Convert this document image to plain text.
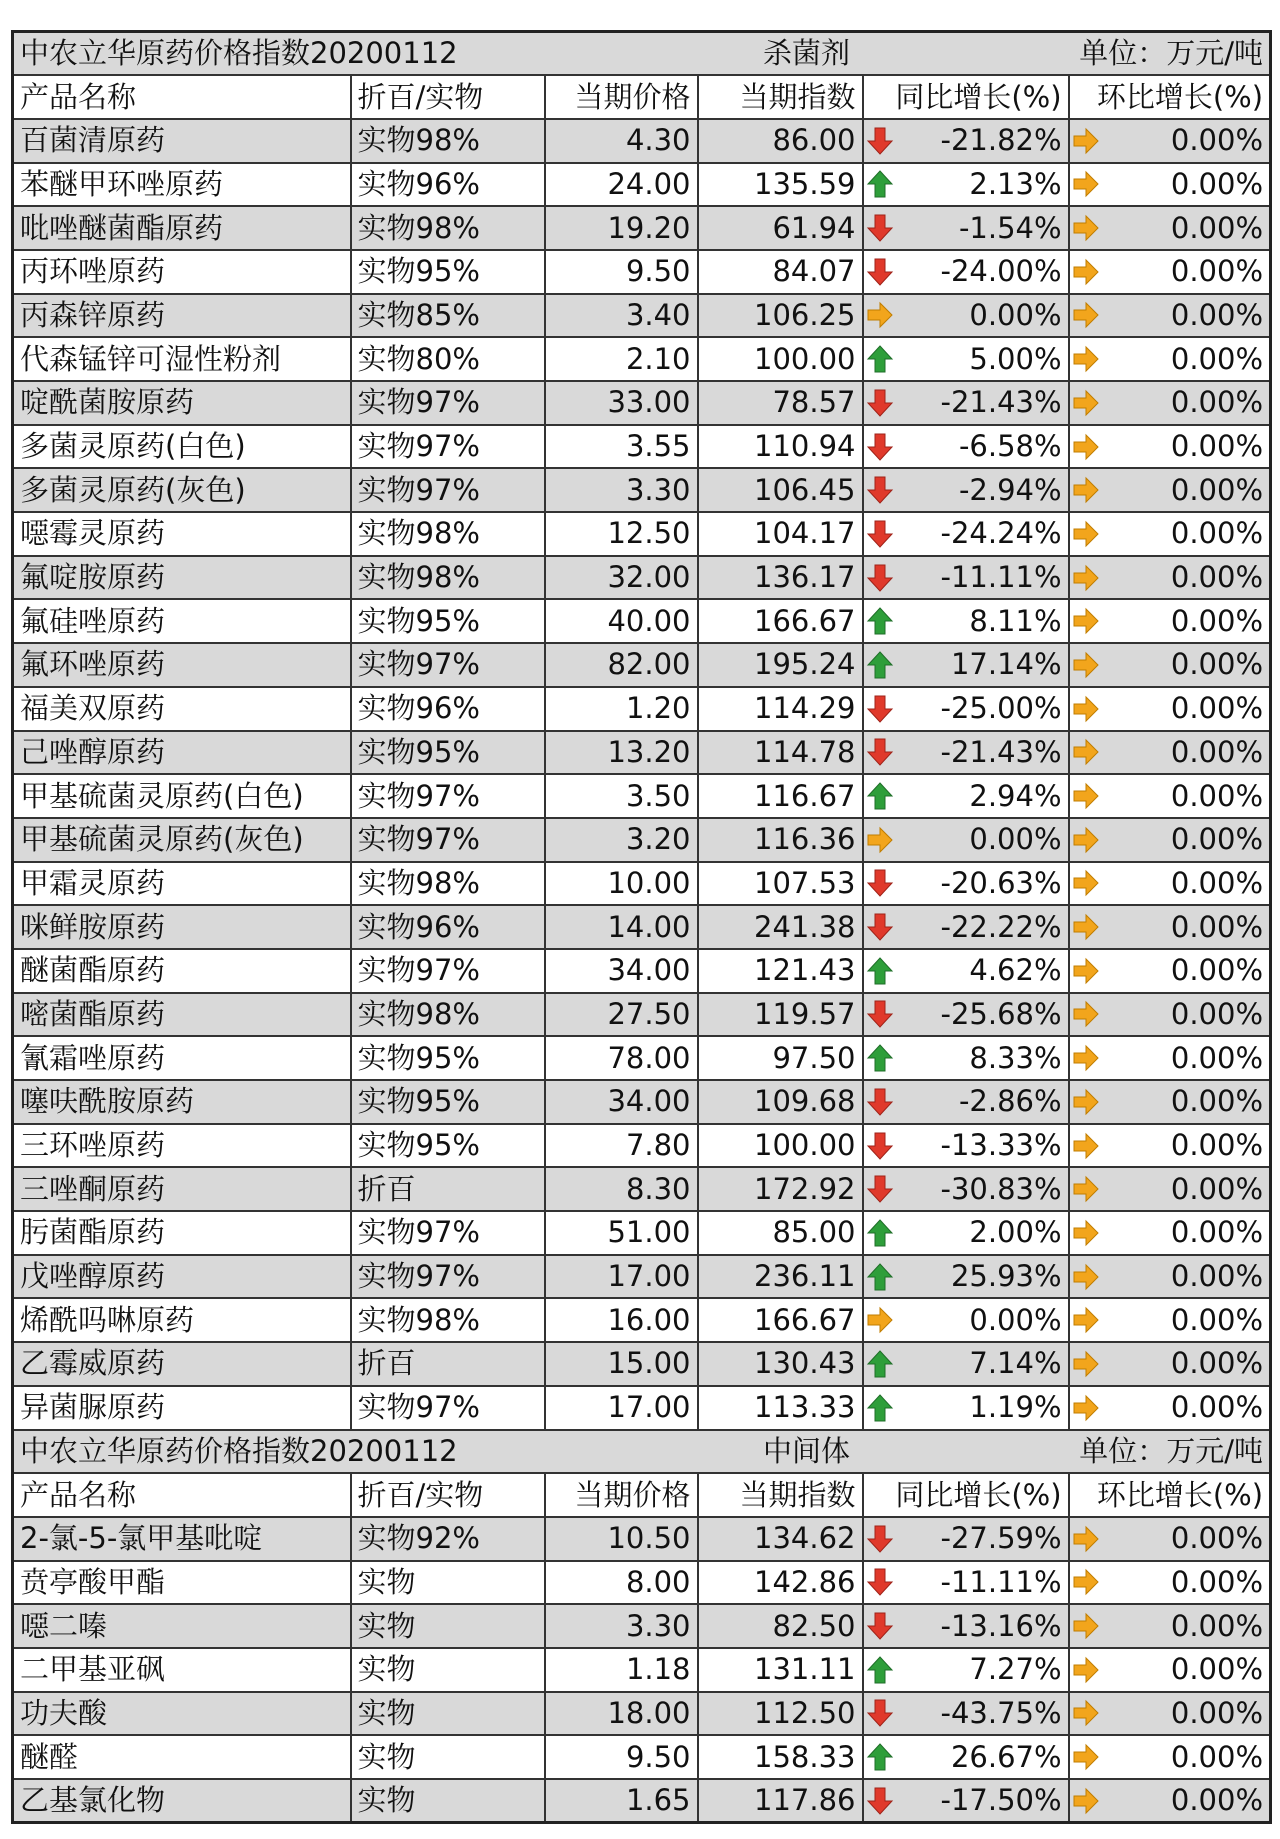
中农立华原药价格指数20200112		杀菌剂			单位：万元/吨
产品名称	折百/实物	当期价格	当期指数	同比增长(%)	环比增长(%)
百菌清原药	实物98%	4.30	86.00	-21.82%	0.00%

苯醚甲环唑原药	实物96%	24.00	135.59	2.13%	0.00%

吡唑醚菌酯原药	实物98%	19.20	61.94	-1.54%	0.00%

丙环唑原药	实物95%	9.50	84.07	-24.00%	0.00%

丙森锌原药	实物85%	3.40	106.25	0.00%	0.00%

代森锰锌可湿性粉剂	实物80%	2.10	100.00	5.00%	0.00%

啶酰菌胺原药	实物97%	33.00	78.57	-21.43%	0.00%

多菌灵原药(白色)	实物97%	3.55	110.94	-6.58%	0.00%

多菌灵原药(灰色)	实物97%	3.30	106.45	-2.94%	0.00%

噁霉灵原药	实物98%	12.50	104.17	-24.24%	0.00%

氟啶胺原药	实物98%	32.00	136.17	-11.11%	0.00%

氟硅唑原药	实物95%	40.00	166.67	8.11%	0.00%

氟环唑原药	实物97%	82.00	195.24	17.14%	0.00%

福美双原药	实物96%	1.20	114.29	-25.00%	0.00%

己唑醇原药	实物95%	13.20	114.78	-21.43%	0.00%

甲基硫菌灵原药(白色)	实物97%	3.50	116.67	2.94%	0.00%

甲基硫菌灵原药(灰色)	实物97%	3.20	116.36	0.00%	0.00%

甲霜灵原药	实物98%	10.00	107.53	-20.63%	0.00%

咪鲜胺原药	实物96%	14.00	241.38	-22.22%	0.00%

醚菌酯原药	实物97%	34.00	121.43	4.62%	0.00%

嘧菌酯原药	实物98%	27.50	119.57	-25.68%	0.00%

氰霜唑原药	实物95%	78.00	97.50	8.33%	0.00%

噻呋酰胺原药	实物95%	34.00	109.68	-2.86%	0.00%

三环唑原药	实物95%	7.80	100.00	-13.33%	0.00%

三唑酮原药	折百	8.30	172.92	-30.83%	0.00%

肟菌酯原药	实物97%	51.00	85.00	2.00%	0.00%

戊唑醇原药	实物97%	17.00	236.11	25.93%	0.00%

烯酰吗啉原药	实物98%	16.00	166.67	0.00%	0.00%

乙霉威原药	折百	15.00	130.43	7.14%	0.00%

异菌脲原药	实物97%	17.00	113.33	1.19%	0.00%

中农立华原药价格指数20200112		中间体			单位：万元/吨
产品名称	折百/实物	当期价格	当期指数	同比增长(%)	环比增长(%)
2-氯-5-氯甲基吡啶	实物92%	10.50	134.62	-27.59%	0.00%

贲亭酸甲酯	实物	8.00	142.86	-11.11%	0.00%

噁二嗪	实物	3.30	82.50	-13.16%	0.00%

二甲基亚砜	实物	1.18	131.11	7.27%	0.00%

功夫酸	实物	18.00	112.50	-43.75%	0.00%

醚醛	实物	9.50	158.33	26.67%	0.00%

乙基氯化物	实物	1.65	117.86	-17.50%	0.00%
